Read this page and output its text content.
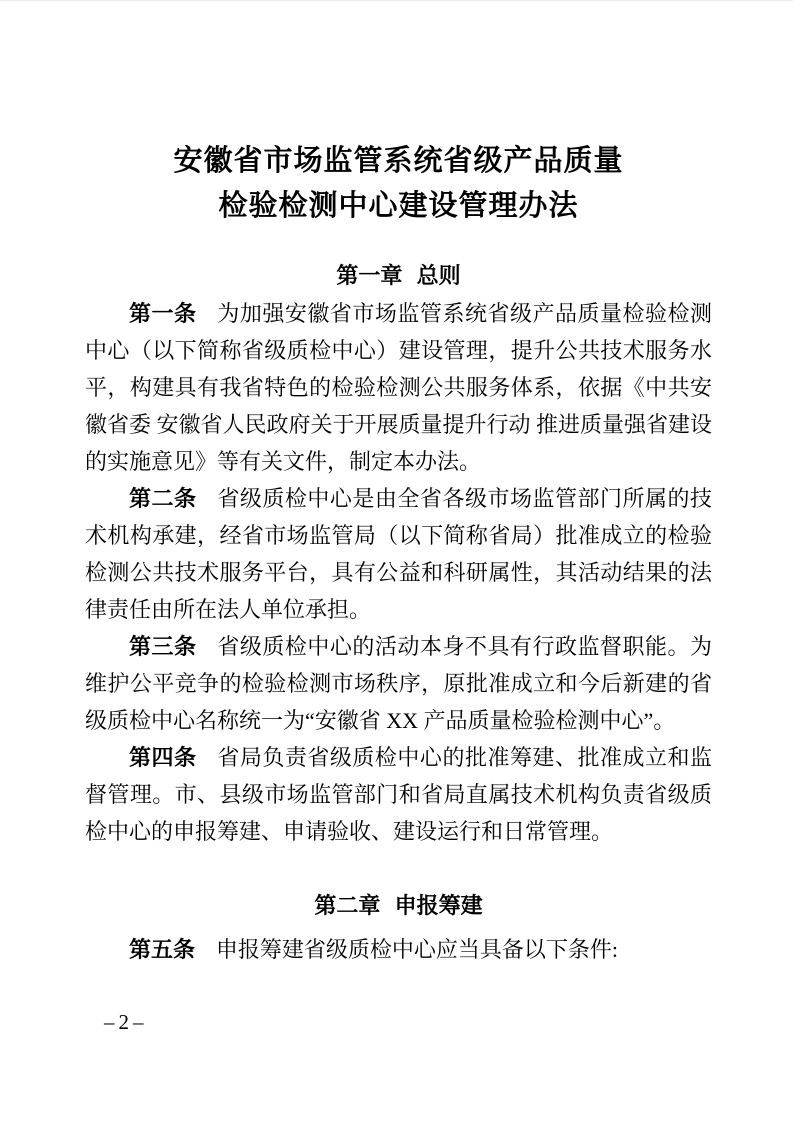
安徽省市场监管系统省级产品质量
检验检测中心建设管理办法
第一章 总则

第一条 为加强安徽省市场监管系统省级产品质量检验检测中心（以下简称省级质检中心）建设管理，提升公共技术服务水平，构建具有我省特色的检验检测公共服务体系，依据《中共安徽省委 安徽省人民政府关于开展质量提升行动 推进质量强省建设的实施意见》等有关文件，制定本办法。

第二条 省级质检中心是由全省各级市场监管部门所属的技术机构承建，经省市场监管局（以下简称省局）批准成立的检验检测公共技术服务平台，具有公益和科研属性，其活动结果的法律责任由所在法人单位承担。

第三条 省级质检中心的活动本身不具有行政监督职能。为维护公平竞争的检验检测市场秩序，原批准成立和今后新建的省级质检中心名称统一为“安徽省 XX 产品质量检验检测中心”。

第四条 省局负责省级质检中心的批准筹建、批准成立和监督管理。市、县级市场监管部门和省局直属技术机构负责省级质检中心的申报筹建、申请验收、建设运行和日常管理。

第二章 申报筹建

第五条 申报筹建省级质检中心应当具备以下条件:

–2–
